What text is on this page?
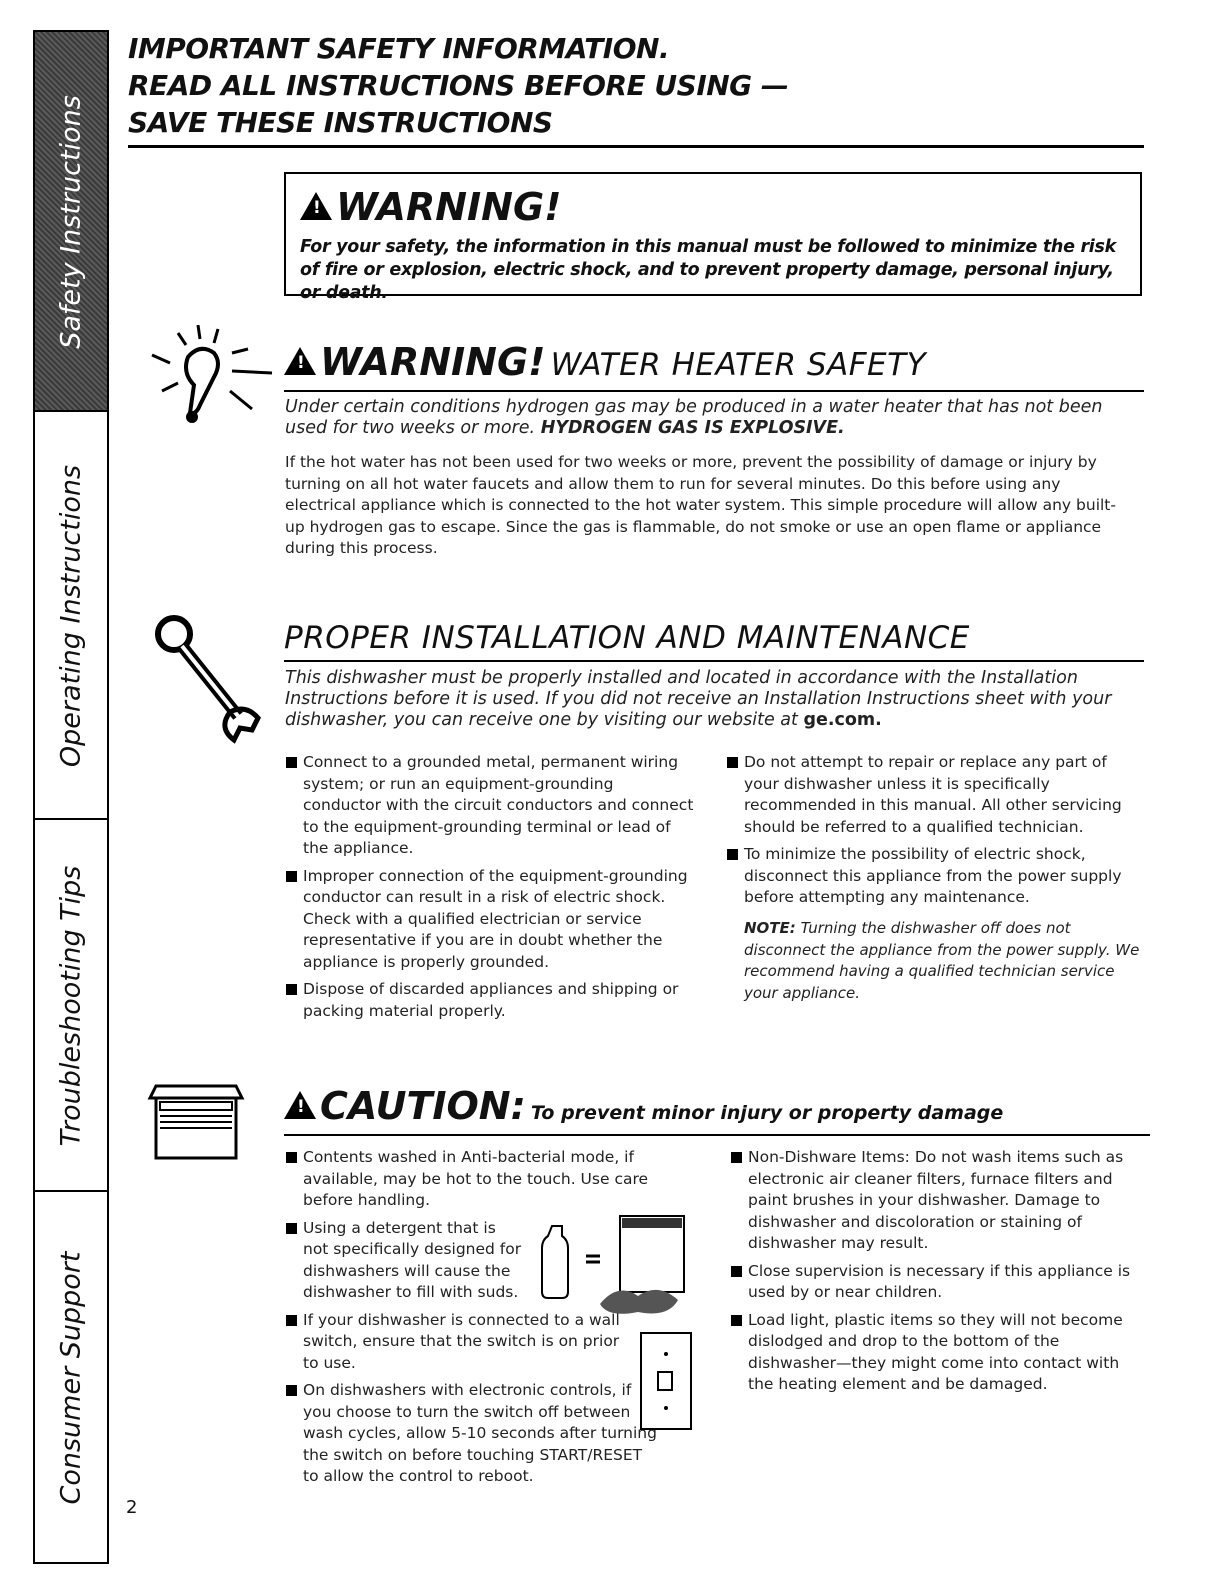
Safety Instructions
Operating Instructions
Troubleshooting Tips
Consumer Support
2
IMPORTANT SAFETY INFORMATION.
READ ALL INSTRUCTIONS BEFORE USING —
SAVE THESE INSTRUCTIONS
!WARNING!
For your safety, the information in this manual must be followed to minimize the risk of fire or explosion, electric shock, and to prevent property damage, personal injury, or death.
!WARNING! WATER HEATER SAFETY
Under certain conditions hydrogen gas may be produced in a water heater that has not been used for two weeks or more. HYDROGEN GAS IS EXPLOSIVE.
If the hot water has not been used for two weeks or more, prevent the possibility of damage or injury by turning on all hot water faucets and allow them to run for several minutes. Do this before using any electrical appliance which is connected to the hot water system. This simple procedure will allow any built-up hydrogen gas to escape. Since the gas is flammable, do not smoke or use an open flame or appliance during this process.
PROPER INSTALLATION AND MAINTENANCE
This dishwasher must be properly installed and located in accordance with the Installation Instructions before it is used. If you did not receive an Installation Instructions sheet with your dishwasher, you can receive one by visiting our website at ge.com.
Connect to a grounded metal, permanent wiring system; or run an equipment-grounding conductor with the circuit conductors and connect to the equipment-grounding terminal or lead of the appliance.
Improper connection of the equipment-grounding conductor can result in a risk of electric shock. Check with a qualified electrician or service representative if you are in doubt whether the appliance is properly grounded.
Dispose of discarded appliances and shipping or packing material properly.
Do not attempt to repair or replace any part of your dishwasher unless it is specifically recommended in this manual. All other servicing should be referred to a qualified technician.
To minimize the possibility of electric shock, disconnect this appliance from the power supply before attempting any maintenance.
NOTE: Turning the dishwasher off does not disconnect the appliance from the power supply. We recommend having a qualified technician service your appliance.
!CAUTION: To prevent minor injury or property damage
Contents washed in Anti-bacterial mode, if available, may be hot to the touch. Use care before handling.
Using a detergent that is not specifically designed for dishwashers will cause the dishwasher to fill with suds.
If your dishwasher is connected to a wall switch, ensure that the switch is on prior to use.
On dishwashers with electronic controls, if you choose to turn the switch off between wash cycles, allow 5-10 seconds after turning the switch on before touching START/RESET to allow the control to reboot.
Non-Dishware Items: Do not wash items such as electronic air cleaner filters, furnace filters and paint brushes in your dishwasher. Damage to dishwasher and discoloration or staining of dishwasher may result.
Close supervision is necessary if this appliance is used by or near children.
Load light, plastic items so they will not become dislodged and drop to the bottom of the dishwasher—they might come into contact with the heating element and be damaged.
